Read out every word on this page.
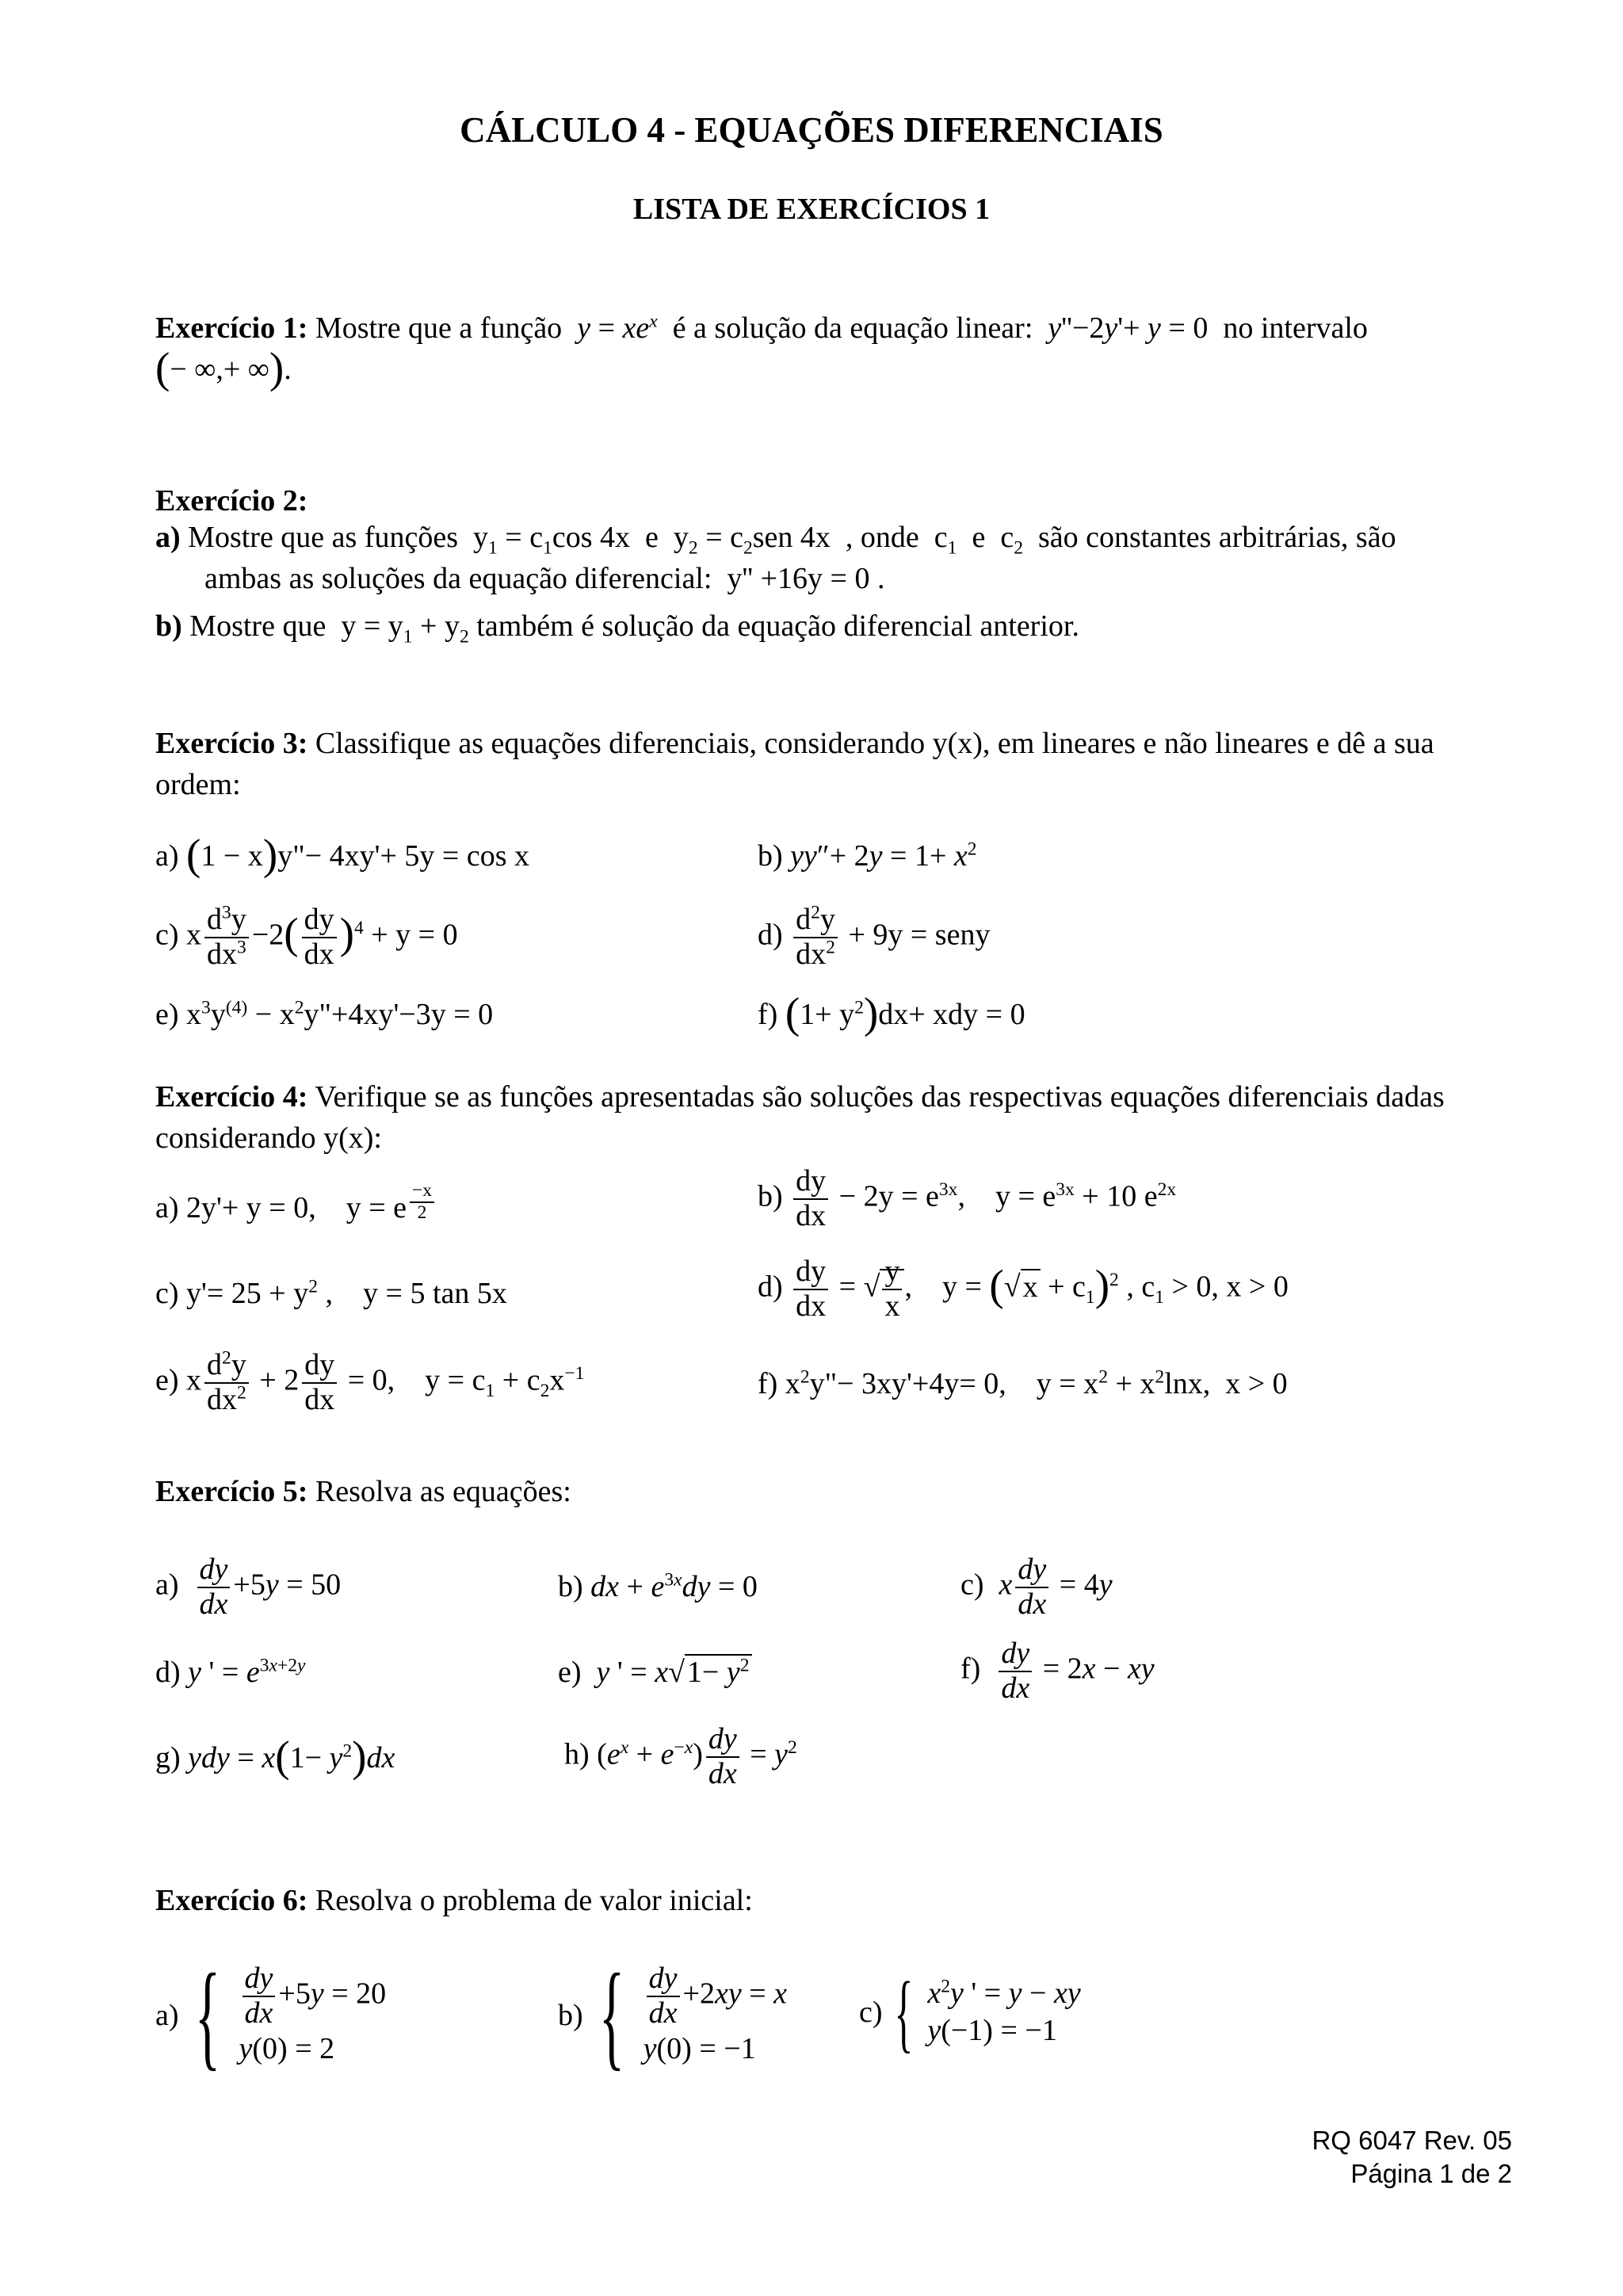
CÁLCULO 4 - EQUAÇÕES DIFERENCIAIS
LISTA DE EXERCÍCIOS 1
Exercício 1: Mostre que a função $y = xe^x$ é a solução da equação linear: y''−2y'+ y = 0  no intervalo
(− ∞,+ ∞).
Exercício 2:
a) Mostre que as funções  $y_1 = c_1\cos$ 4x  e  $y_2 = c_2sen$ 4x  , onde  $c_1$  e  $c_2$ são constantes arbitrárias, são
ambas as soluções da equação diferencial:  y'' +16y = 0 .
b) Mostre que  $y = y_1 + y_2$ também é solução da equação diferencial anterior.
Exercício 3: Classifique as equações diferenciais, considerando y(x), em lineares e não lineares e dê a sua ordem:
a) (1 − x)y"− 4xy'+ 5y = cos x	b) $yy''+ 2y = 1+ x^2$
c) x $\frac{d^3y}{dx^3} -2( \frac{dy}{dx} )^4 + y = 0$	$d) \frac{d^2y}{dx^2} + 9y$ = seny
e) $x^3y^{(4)}$ − $x^2y"+4xy'-3y = 0$	f) $(1+ y^2)dx+$ xdy = 0
Exercício 4: Verifique se as funções apresentadas são soluções das respectivas equações diferenciais dadas considerando y(x):
a) 2y'+ y = 0,    y = e $^{\frac{-x}{2}}$	$b) \frac{dy}{dx} - 2y = e^{3x}$,    $y = e^{3x} + 10$ $e^{2x}$
c) $y'= 25 + y^2$ ,    y = 5 tan 5x	$d) \frac{dy}{dx}$ = √ $\frac{y}{x}$ ,    $y = (√x + c_1)^2$ , $c_1 > 0$, x > 0
e) x $\frac{d^2y}{dx^2} + 2 \frac{dy}{dx} = 0$,    $y = c_1 + c_2x^{-1}$	f) $x^2y"- 3xy'+4y= 0$,    $y = x^2 + x^2\ln x$,  x > 0
Exercício 5: Resolva as equações:
$a) \frac{dy}{dx} +5y = 50$	b) dx + $e^{3x}dy = 0$	c)  x $\frac{dy}{dx} = 4y$
d) y ' = $e^{3x+2y}$	e)  y ' = $x√1- y^2$	$f) \frac{dy}{dx} = 2x$ − xy
g) ydy = $x(1- y^2)dx$	h) $(e^x + e^{-x}) \frac{dy}{dx} = y^2$
Exercício 6: Resolva o problema de valor inicial:
a) { $\frac{dy}{dx} +5y = 20$
y(0) = 2
b) { $\frac{dy}{dx} +2xy = x$
y(0) = −1
c) { $x^2y$ ' = y − xy
y(−1) = −1
RQ 6047 Rev. 05
Página 1 de 2
